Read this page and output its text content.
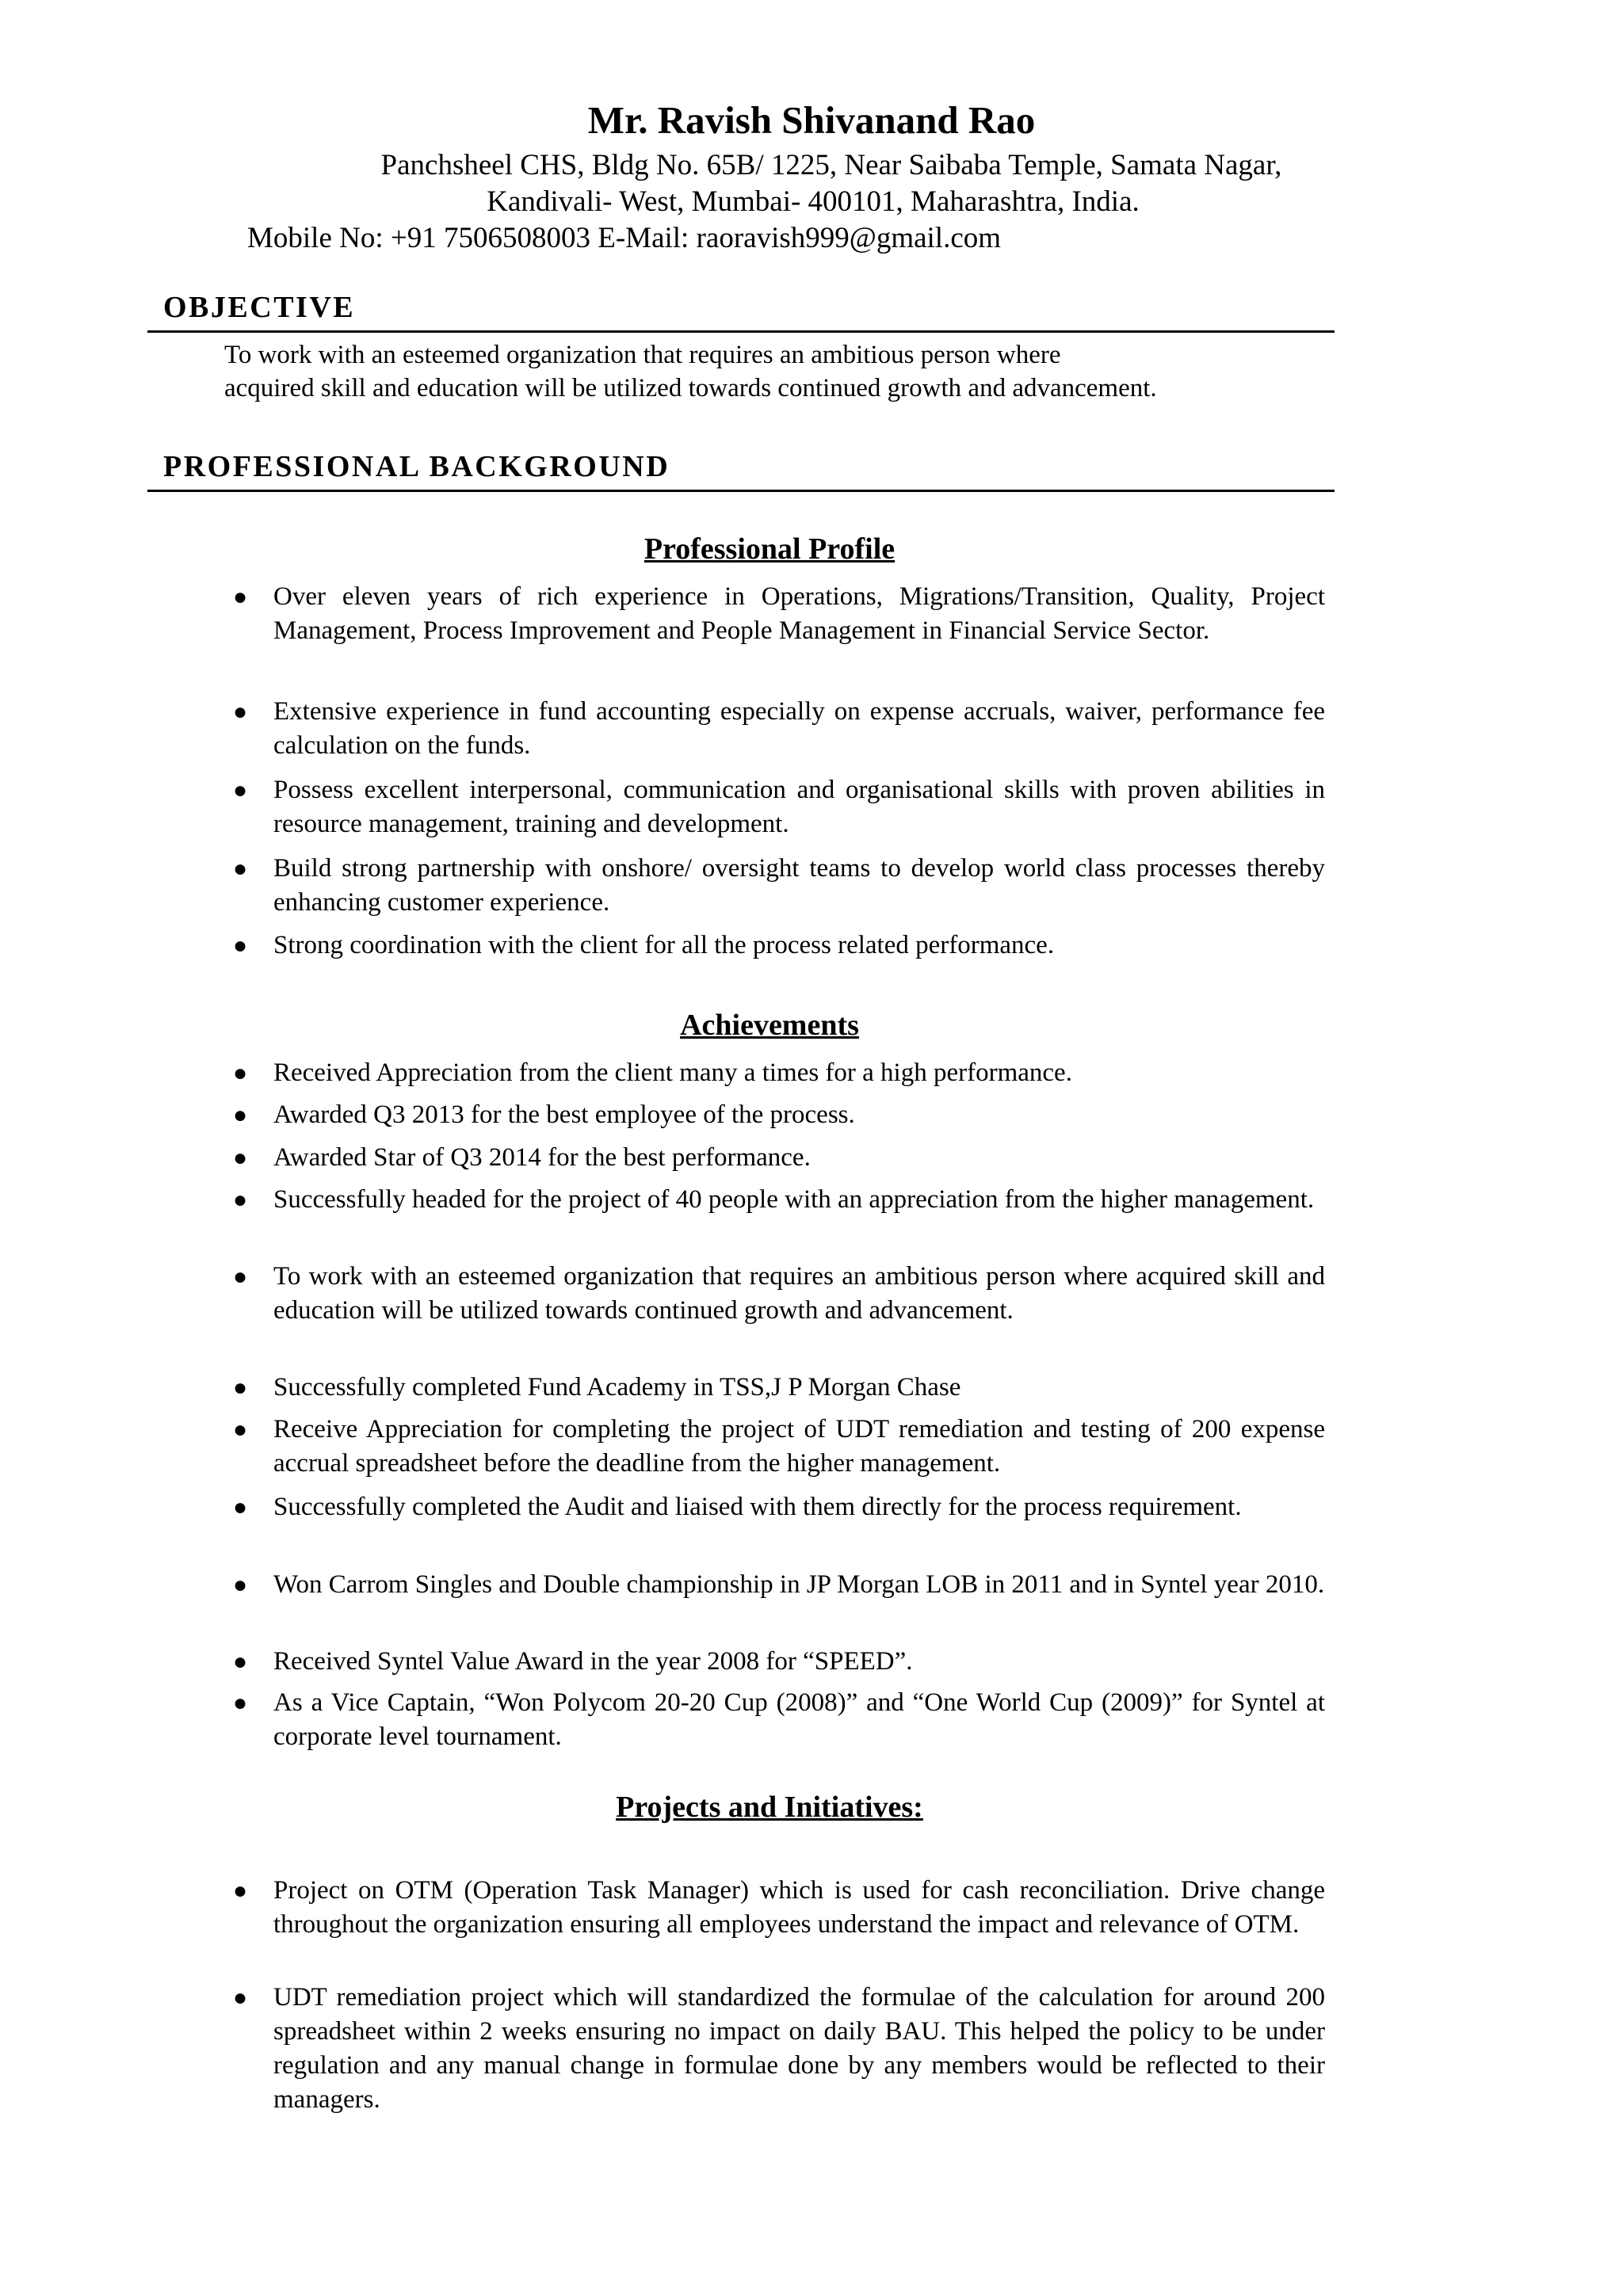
Mr. Ravish Shivanand Rao
Panchsheel CHS, Bldg No. 65B/ 1225, Near Saibaba Temple, Samata Nagar,
Kandivali- West, Mumbai- 400101, Maharashtra, India.
Mobile No: +91 7506508003 E-Mail: raoravish999@gmail.com
OBJECTIVE
To work with an esteemed organization that requires an ambitious person where
acquired skill and education will be utilized towards continued growth and advancement.
PROFESSIONAL BACKGROUND
Professional Profile
● Over eleven years of rich experience in Operations, Migrations/Transition, Quality, Project Management, Process Improvement and People Management in Financial Service Sector.
● Extensive experience in fund accounting especially on expense accruals, waiver, performance fee calculation on the funds.
● Possess excellent interpersonal, communication and organisational skills with proven abilities in resource management, training and development.
● Build strong partnership with onshore/ oversight teams to develop world class processes thereby enhancing customer experience.
● Strong coordination with the client for all the process related performance.
Achievements
● Received Appreciation from the client many a times for a high performance.
● Awarded Q3 2013 for the best employee of the process.
● Awarded Star of Q3 2014 for the best performance.
● Successfully headed for the project of 40 people with an appreciation from the higher management.
● To work with an esteemed organization that requires an ambitious person where acquired skill and education will be utilized towards continued growth and advancement.
● Successfully completed Fund Academy in TSS,J P Morgan Chase
● Receive Appreciation for completing the project of UDT remediation and testing of 200 expense accrual spreadsheet before the deadline from the higher management.
● Successfully completed the Audit and liaised with them directly for the process requirement.
● Won Carrom Singles and Double championship in JP Morgan LOB in 2011 and in Syntel year 2010.
● Received Syntel Value Award in the year 2008 for “SPEED”.
● As a Vice Captain, “Won Polycom 20-20 Cup (2008)” and “One World Cup (2009)” for Syntel at corporate level tournament.
Projects and Initiatives:
● Project on OTM (Operation Task Manager) which is used for cash reconciliation. Drive change throughout the organization ensuring all employees understand the impact and relevance of OTM.
● UDT remediation project which will standardized the formulae of the calculation for around 200 spreadsheet within 2 weeks ensuring no impact on daily BAU. This helped the policy to be under regulation and any manual change in formulae done by any members would be reflected to their managers.
